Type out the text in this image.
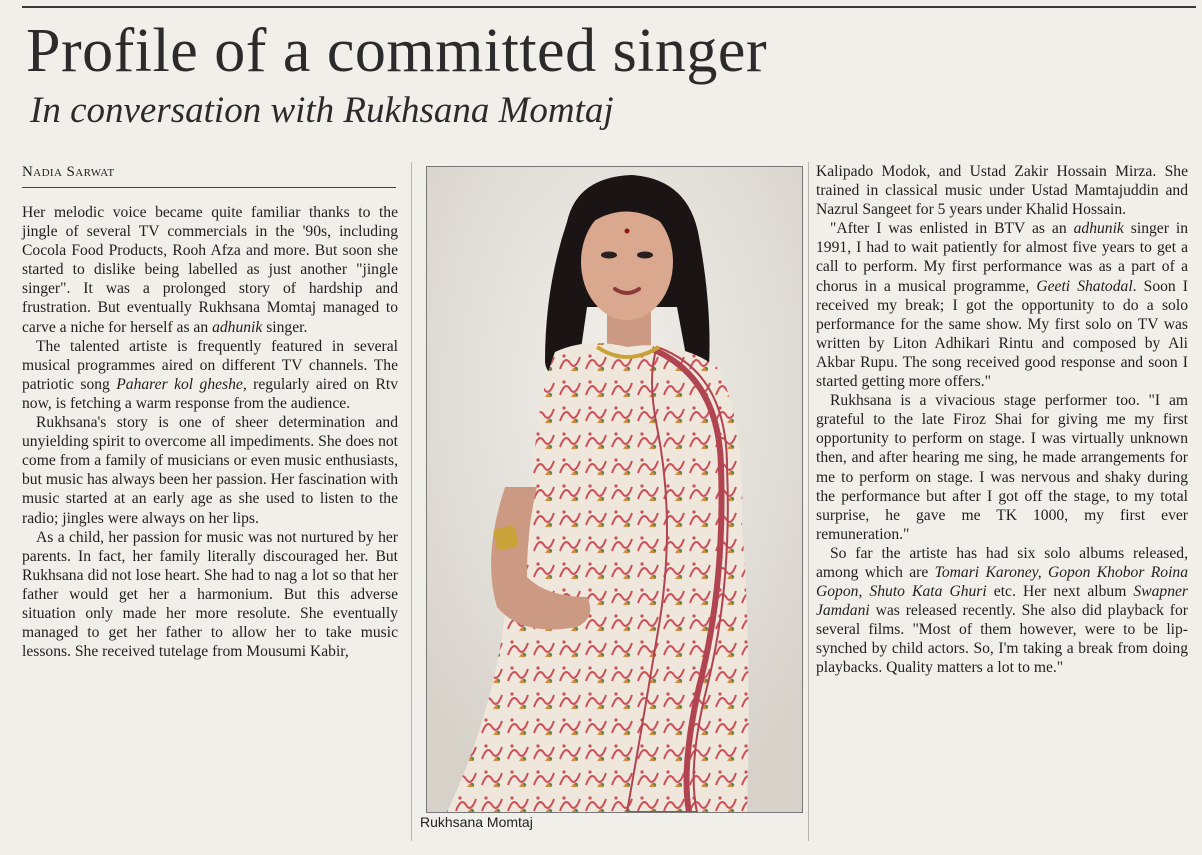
Profile of a committed singer
In conversation with Rukhsana Momtaj
Nadia Sarwat

Her melodic voice became quite familiar thanks to the jingle of several TV commercials in the '90s, including Cocola Food Products, Rooh Afza and more. But soon she started to dislike being labelled as just another "jingle singer". It was a prolonged story of hardship and frustration. But eventually Rukhsana Momtaj managed to carve a niche for herself as an adhunik singer.

The talented artiste is frequently featured in several musical programmes aired on different TV channels. The patriotic song Paharer kol gheshe, regularly aired on Rtv now, is fetching a warm response from the audience.

Rukhsana's story is one of sheer determination and unyielding spirit to overcome all impediments. She does not come from a family of musicians or even music enthusiasts, but music has always been her passion. Her fascination with music started at an early age as she used to listen to the radio; jingles were always on her lips.

As a child, her passion for music was not nurtured by her parents. In fact, her family literally discouraged her. But Rukhsana did not lose heart. She had to nag a lot so that her father would get her a harmonium. But this adverse situation only made her more resolute. She eventually managed to get her father to allow her to take music lessons. She received tutelage from Mousumi Kabir,

Rukhsana Momtaj

Kalipado Modok, and Ustad Zakir Hossain Mirza. She trained in classical music under Ustad Mamtajuddin and Nazrul Sangeet for 5 years under Khalid Hossain.

"After I was enlisted in BTV as an adhunik singer in 1991, I had to wait patiently for almost five years to get a call to perform. My first performance was as a part of a chorus in a musical programme, Geeti Shatodal. Soon I received my break; I got the opportunity to do a solo performance for the same show. My first solo on TV was written by Liton Adhikari Rintu and composed by Ali Akbar Rupu. The song received good response and soon I started getting more offers."

Rukhsana is a vivacious stage performer too. "I am grateful to the late Firoz Shai for giving me my first opportunity to perform on stage. I was virtually unknown then, and after hearing me sing, he made arrangements for me to perform on stage. I was nervous and shaky during the performance but after I got off the stage, to my total surprise, he gave me TK 1000, my first ever remuneration."

So far the artiste has had six solo albums released, among which are Tomari Karoney, Gopon Khobor Roina Gopon, Shuto Kata Ghuri etc. Her next album Swapner Jamdani was released recently. She also did playback for several films. "Most of them however, were to be lip-synched by child actors. So, I'm taking a break from doing playbacks. Quality matters a lot to me."
